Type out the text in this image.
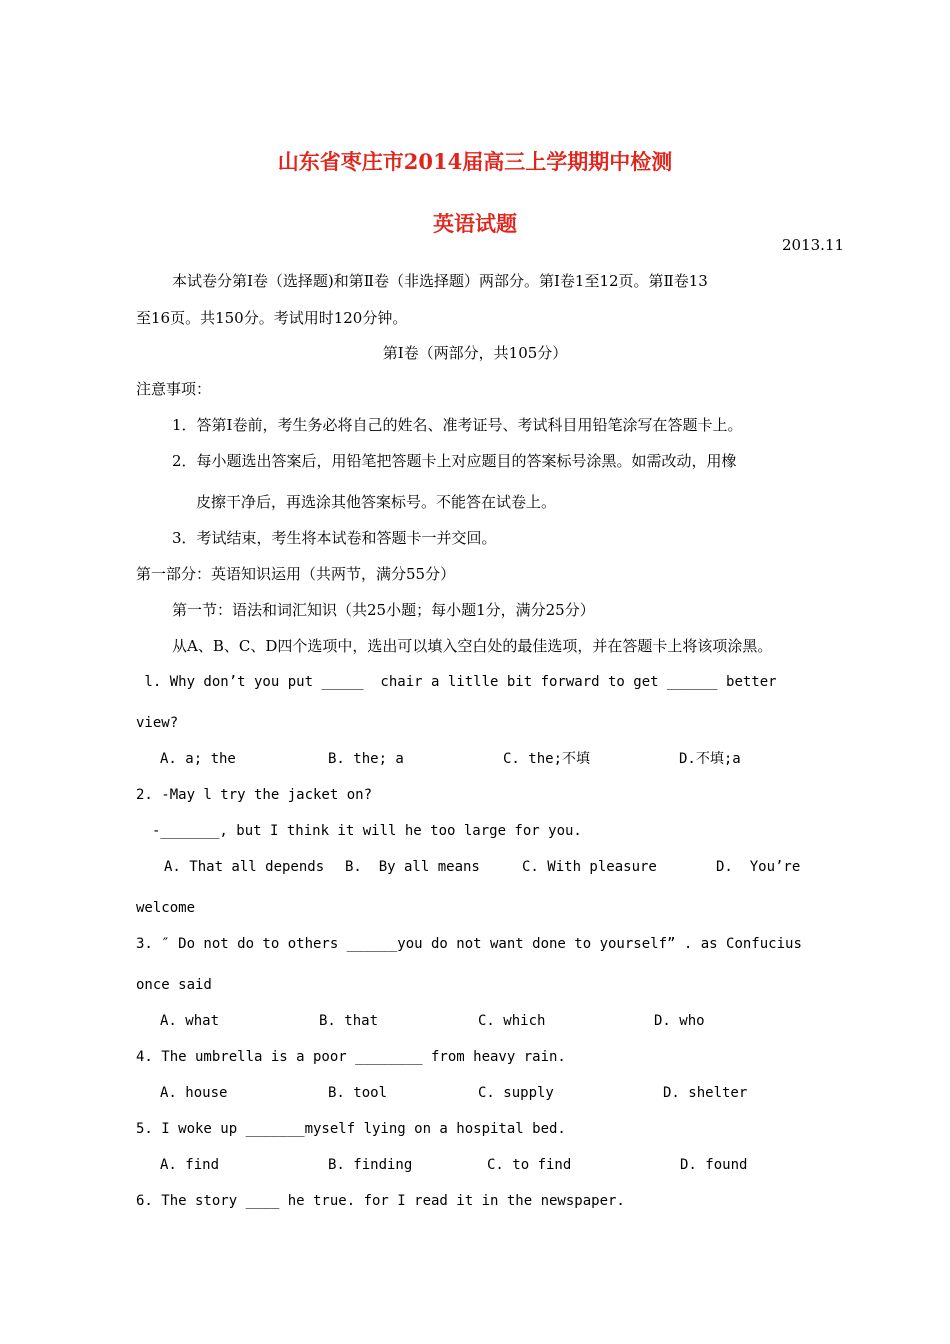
山东省枣庄市2014届高三上学期期中检测
英语试题
2013.11
本试卷分第Ⅰ卷（选择题)和第Ⅱ卷（非选择题）两部分。第Ⅰ卷1至12页。第Ⅱ卷13
至16页。共150分。考试用时120分钟。
第Ⅰ卷（两部分，共105分）
注意事项：
1．答第Ⅰ卷前，考生务必将自己的姓名、准考证号、考试科目用铅笔涂写在答题卡上。
2．每小题选出答案后，用铅笔把答题卡上对应题目的答案标号涂黑。如需改动，用橡
皮擦干净后，再选涂其他答案标号。不能答在试卷上。
3．考试结束，考生将本试卷和答题卡一并交回。
第一部分：英语知识运用（共两节，满分55分）
第一节：语法和词汇知识（共25小题；每小题1分，满分25分）
从A、B、C、D四个选项中，选出可以填入空白处的最佳选项，并在答题卡上将该项涂黑。
l. Why don’t you put _____  chair a litlle bit forward to get ______ better
view?
A. a; the	B. the; a	C. the;不填	D.不填;a
2. -May l try the jacket on?
-_______, but I think it will he too large for you.
A. That all depends B.  By all means	C. With pleasure	D.  You’re
welcome
3. ″ Do not do to others ______you do not want done to yourself” . as Confucius
once said
A. what	B. that	C. which	D. who
4. The umbrella is a poor ________ from heavy rain.
A. house	B. tool	C. supply	D. shelter
5. I woke up _______myself lying on a hospital bed.
A. find	B. finding	C. to find	D. found
6. The story ____ he true. for I read it in the newspaper.
